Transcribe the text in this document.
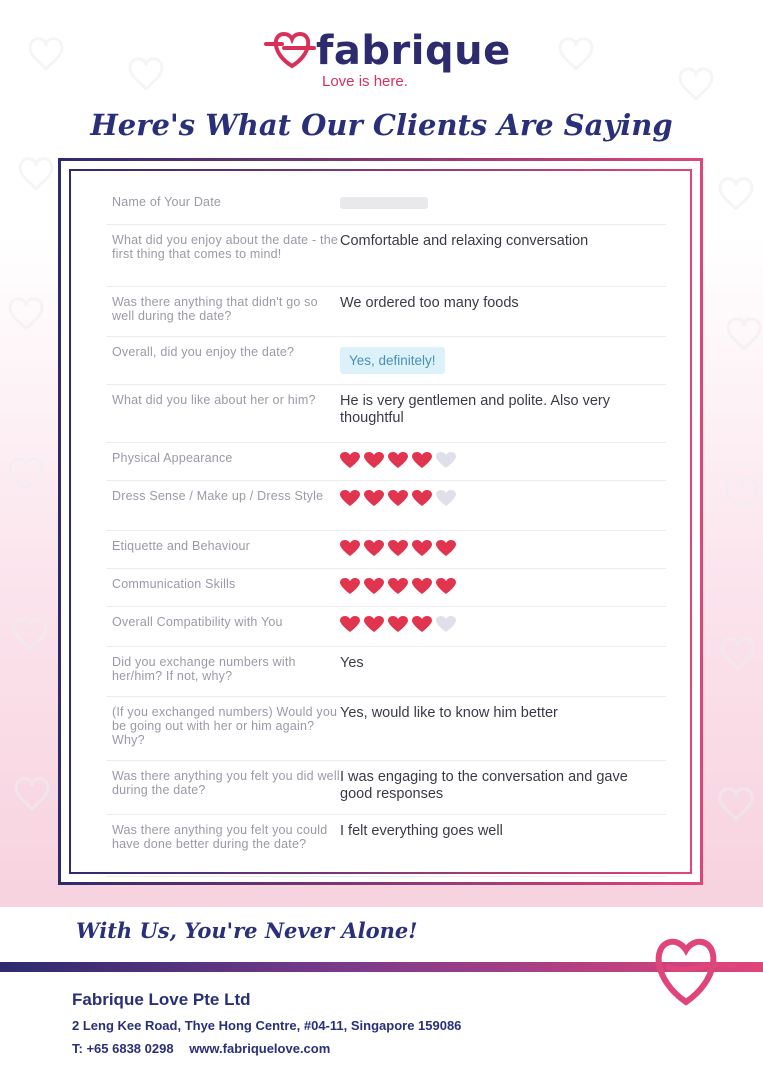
fabrique
Love is here.
Here's What Our Clients Are Saying
Name of Your Date
What did you enjoy about the date - the first thing that comes to mind!
Comfortable and relaxing conversation
Was there anything that didn't go so well during the date?
We ordered too many foods
Overall, did you enjoy the date?
Yes, definitely!
What did you like about her or him?	He is very gentlemen and polite. Also very thoughtful
Physical Appearance
Dress Sense / Make up / Dress Style
Etiquette and Behaviour
Communication Skills
Overall Compatibility with You
Did you exchange numbers with her/him? If not, why?
Yes
(If you exchanged numbers) Would you be going out with her or him again? Why?
Yes, would like to know him better
Was there anything you felt you did well during the date?
I was engaging to the conversation and gave good responses
Was there anything you felt you could have done better during the date?
I felt everything goes well
With Us, You're Never Alone!
Fabrique Love Pte Ltd
2 Leng Kee Road, Thye Hong Centre, #04-11, Singapore 159086
T: +65 6838 0298 www.fabriquelove.com
